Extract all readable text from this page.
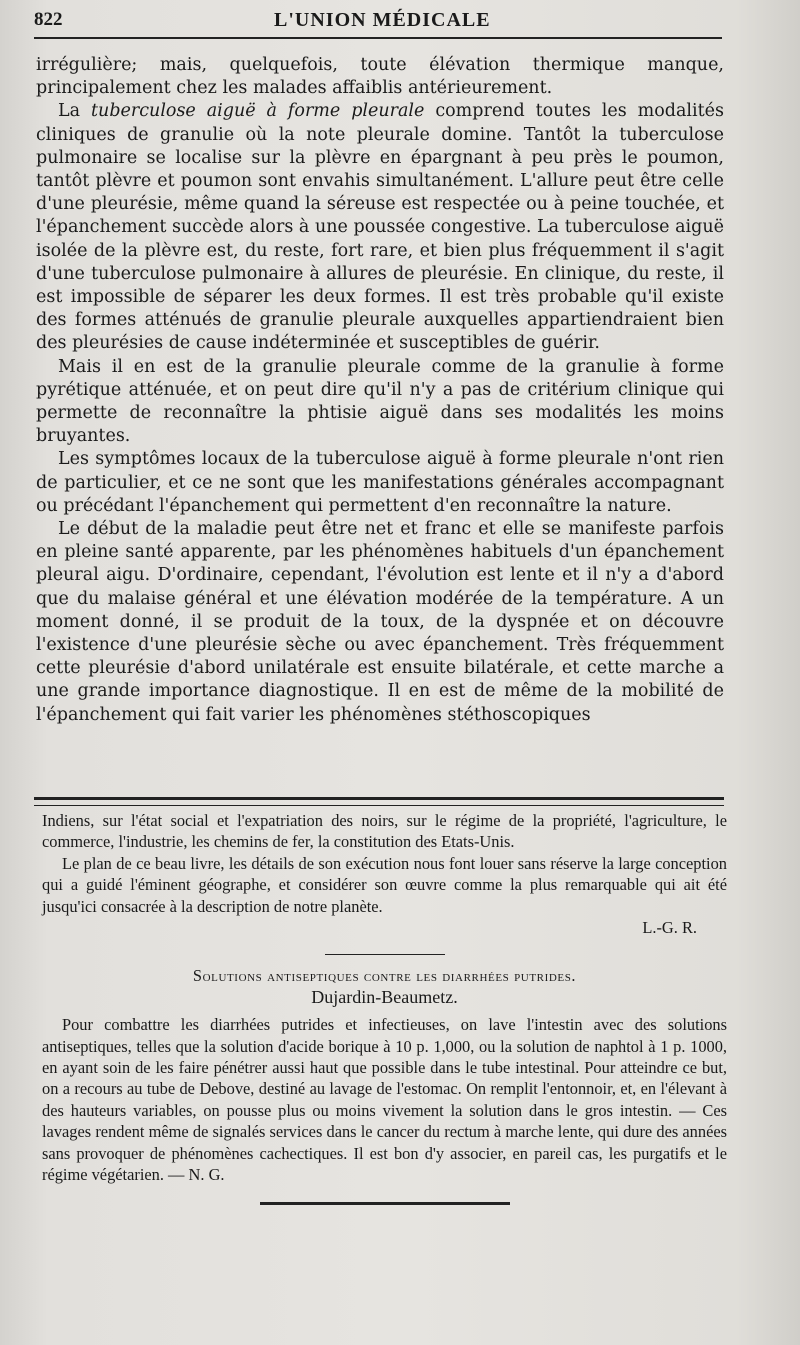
822	L'UNION MÉDICALE

irrégulière; mais, quelquefois, toute élévation thermique manque, principalement chez les malades affaiblis antérieurement.

La tuberculose aiguë à forme pleurale comprend toutes les modalités cliniques de granulie où la note pleurale domine. Tantôt la tuberculose pulmonaire se localise sur la plèvre en épargnant à peu près le poumon, tantôt plèvre et poumon sont envahis simultanément. L'allure peut être celle d'une pleurésie, même quand la séreuse est respectée ou à peine touchée, et l'épanchement succède alors à une poussée congestive. La tuberculose aiguë isolée de la plèvre est, du reste, fort rare, et bien plus fréquemment il s'agit d'une tuberculose pulmonaire à allures de pleurésie. En clinique, du reste, il est impossible de séparer les deux formes. Il est très probable qu'il existe des formes atténués de granulie pleurale auxquelles appartiendraient bien des pleurésies de cause indéterminée et susceptibles de guérir.

Mais il en est de la granulie pleurale comme de la granulie à forme pyrétique atténuée, et on peut dire qu'il n'y a pas de critérium clinique qui permette de reconnaître la phtisie aiguë dans ses modalités les moins bruyantes.

Les symptômes locaux de la tuberculose aiguë à forme pleurale n'ont rien de particulier, et ce ne sont que les manifestations générales accompagnant ou précédant l'épanchement qui permettent d'en reconnaître la nature.

Le début de la maladie peut être net et franc et elle se manifeste parfois en pleine santé apparente, par les phénomènes habituels d'un épanchement pleural aigu. D'ordinaire, cependant, l'évolution est lente et il n'y a d'abord que du malaise général et une élévation modérée de la température. A un moment donné, il se produit de la toux, de la dyspnée et on découvre l'existence d'une pleurésie sèche ou avec épanchement. Très fréquemment cette pleurésie d'abord unilatérale est ensuite bilatérale, et cette marche a une grande importance diagnostique. Il en est de même de la mobilité de l'épanchement qui fait varier les phénomènes stéthoscopiques

Indiens, sur l'état social et l'expatriation des noirs, sur le régime de la propriété, l'agriculture, le commerce, l'industrie, les chemins de fer, la constitution des Etats-Unis.

Le plan de ce beau livre, les détails de son exécution nous font louer sans réserve la large conception qui a guidé l'éminent géographe, et considérer son œuvre comme la plus remarquable qui ait été jusqu'ici consacrée à la description de notre planète.

L.-G. R.

Solutions antiseptiques contre les diarrhées putrides.
Dujardin-Beaumetz.

Pour combattre les diarrhées putrides et infectieuses, on lave l'intestin avec des solutions antiseptiques, telles que la solution d'acide borique à 10 p. 1,000, ou la solution de naphtol à 1 p. 1000, en ayant soin de les faire pénétrer aussi haut que possible dans le tube intestinal. Pour atteindre ce but, on a recours au tube de Debove, destiné au lavage de l'estomac. On remplit l'entonnoir, et, en l'élevant à des hauteurs variables, on pousse plus ou moins vivement la solution dans le gros intestin. — Ces lavages rendent même de signalés services dans le cancer du rectum à marche lente, qui dure des années sans provoquer de phénomènes cachectiques. Il est bon d'y associer, en pareil cas, les purgatifs et le régime végétarien. — N. G.
